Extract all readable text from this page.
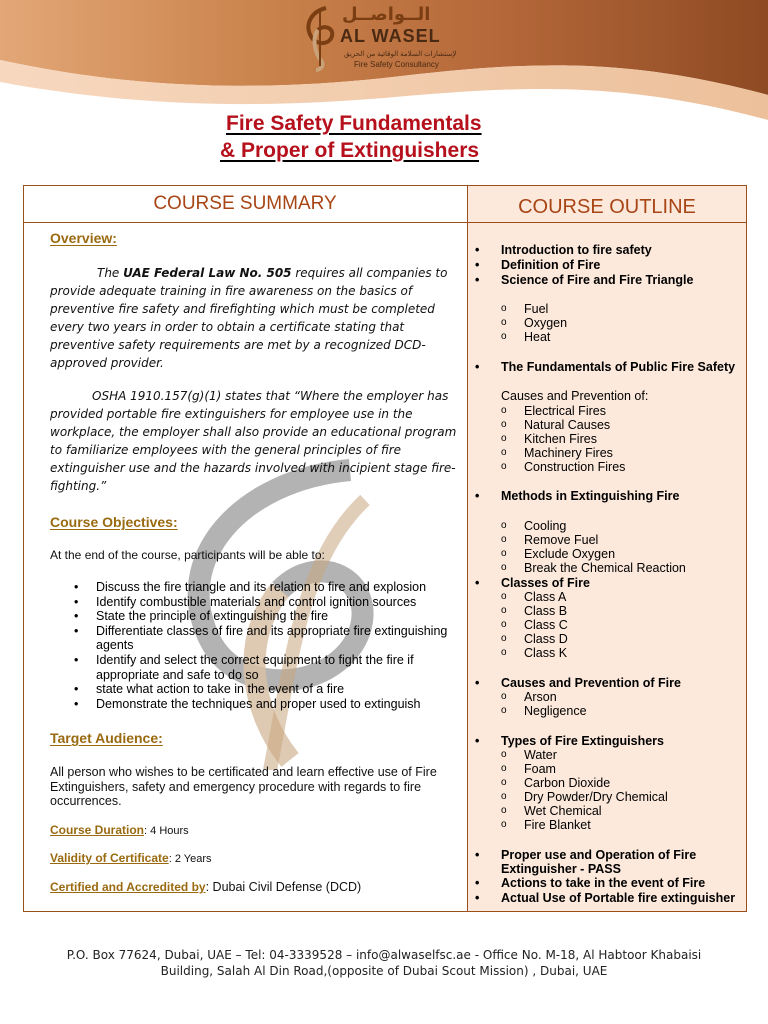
الــواصــل
AL WASEL
لإستشارات السلامة الوقائية من الحريق
Fire Safety Consultancy
Fire Safety Fundamentals
& Proper of Extinguishers
COURSE SUMMARY	COURSE OUTLINE
Overview:
The UAE Federal Law No. 505 requires all companies to provide adequate training in fire awareness on the basics of preventive fire safety and firefighting which must be completed every two years in order to obtain a certificate stating that preventive safety requirements are met by a recognized DCD-approved provider.
OSHA 1910.157(g)(1) states that “Where the employer has provided portable fire extinguishers for employee use in the workplace, the employer shall also provide an educational program to familiarize employees with the general principles of fire extinguisher use and the hazards involved with incipient stage fire-fighting.”
Course Objectives:
At the end of the course, participants will be able to:
• Discuss the fire triangle and its relation to fire and explosion
• Identify combustible materials and control ignition sources
• State the principle of extinguishing the fire
• Differentiate classes of fire and its appropriate fire extinguishing agents
• Identify and select the correct equipment to fight the fire if appropriate and safe to do so
• state what action to take in the event of a fire
• Demonstrate the techniques and proper used to extinguish
Target Audience:
All person who wishes to be certificated and learn effective use of Fire Extinguishers, safety and emergency procedure with regards to fire occurrences.
Course Duration: 4 Hours
Validity of Certificate: 2 Years
Certified and Accredited by: Dubai Civil Defense (DCD)
• Introduction to fire safety
• Definition of Fire
• Science of Fire and Fire Triangle
o Fuel
o Oxygen
o Heat
• The Fundamentals of Public Fire Safety
Causes and Prevention of:
o Electrical Fires
o Natural Causes
o Kitchen Fires
o Machinery Fires
o Construction Fires
• Methods in Extinguishing Fire
o Cooling
o Remove Fuel
o Exclude Oxygen
o Break the Chemical Reaction
• Classes of Fire
o Class A
o Class B
o Class C
o Class D
o Class K
• Causes and Prevention of Fire
o Arson
o Negligence
• Types of Fire Extinguishers
o Water
o Foam
o Carbon Dioxide
o Dry Powder/Dry Chemical
o Wet Chemical
o Fire Blanket
• Proper use and Operation of Fire
Extinguisher - PASS
• Actions to take in the event of Fire
• Actual Use of Portable fire extinguisher
P.O. Box 77624, Dubai, UAE – Tel: 04-3339528 – info@alwaselfsc.ae - Office No. M-18, Al Habtoor Khabaisi
Building, Salah Al Din Road,(opposite of Dubai Scout Mission) , Dubai, UAE
